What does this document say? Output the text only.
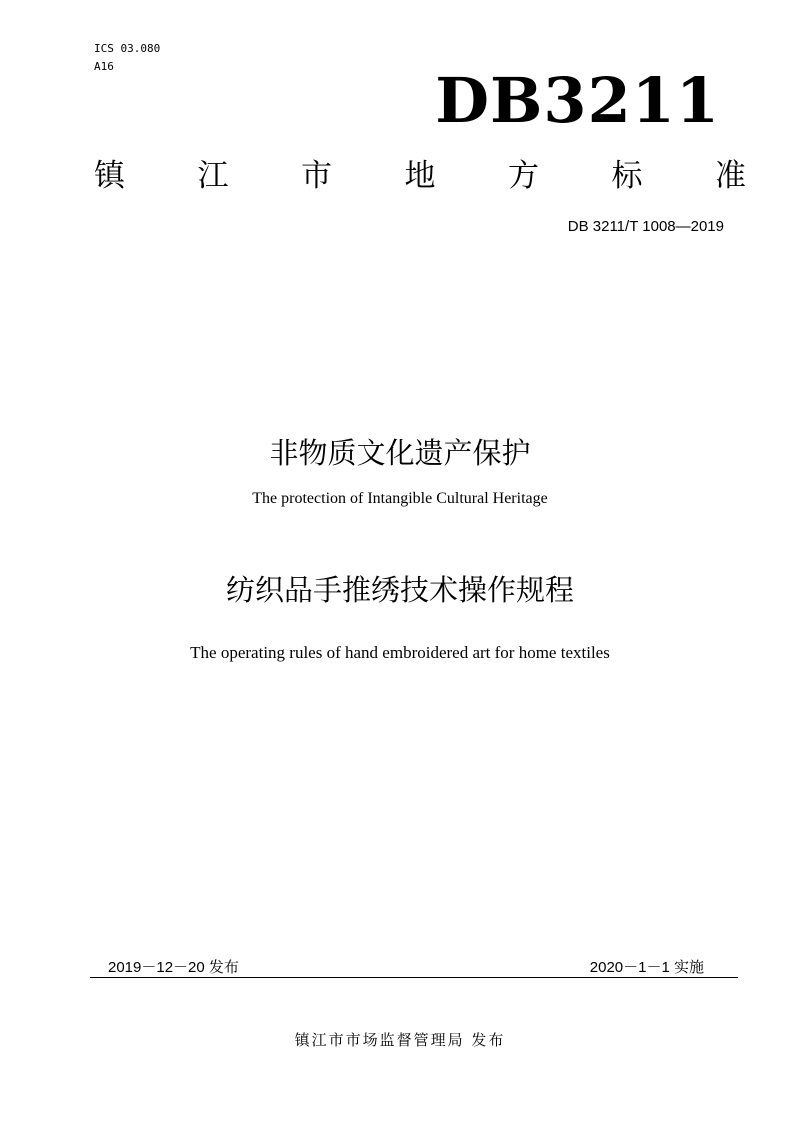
ICS 03.080
A16	DB3211
镇 江 市 地 方 标 准
DB 3211/T 1008—2019
非物质文化遗产保护
The protection of Intangible Cultural Heritage
纺织品手推绣技术操作规程
The operating rules of hand embroidered art for home textiles
2019－12－20 发布	2020－1－1 实施
镇江市市场监督管理局 发布
